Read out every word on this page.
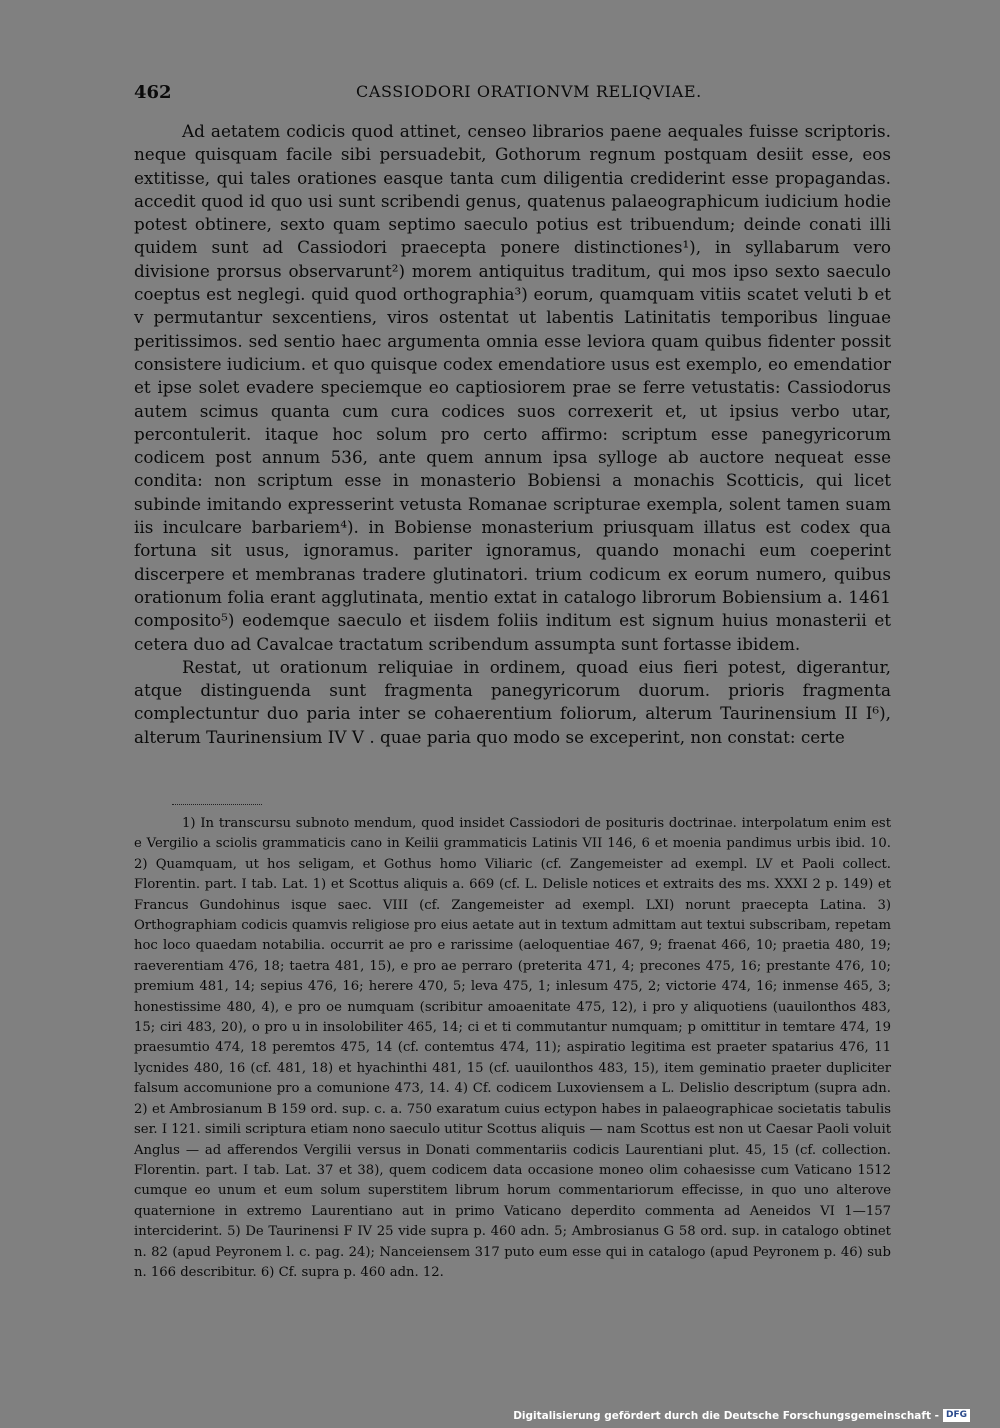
462	CASSIODORI ORATIONVM RELIQVIAE.

Ad aetatem codicis quod attinet, censeo librarios paene aequales fuisse scriptoris. neque quisquam facile sibi persuadebit, Gothorum regnum postquam desiit esse, eos extitisse, qui tales orationes easque tanta cum diligentia crediderint esse propagandas. accedit quod id quo usi sunt scribendi genus, quatenus palaeographicum iudicium hodie potest obtinere, sexto quam septimo saeculo potius est tribuendum; deinde conati illi quidem sunt ad Cassiodori praecepta ponere distinctiones¹), in syllabarum vero divisione prorsus observarunt²) morem antiquitus traditum, qui mos ipso sexto saeculo coeptus est neglegi. quid quod orthographia³) eorum, quamquam vitiis scatet veluti b et v permutantur sexcentiens, viros ostentat ut labentis Latinitatis temporibus linguae peritissimos. sed sentio haec argumenta omnia esse leviora quam quibus fidenter possit consistere iudicium. et quo quisque codex emendatiore usus est exemplo, eo emendatior et ipse solet evadere speciemque eo captiosiorem prae se ferre vetustatis: Cassiodorus autem scimus quanta cum cura codices suos correxerit et, ut ipsius verbo utar, percontulerit. itaque hoc solum pro certo affirmo: scriptum esse panegyricorum codicem post annum 536, ante quem annum ipsa sylloge ab auctore nequeat esse condita: non scriptum esse in monasterio Bobiensi a monachis Scotticis, qui licet subinde imitando expresserint vetusta Romanae scripturae exempla, solent tamen suam iis inculcare barbariem⁴). in Bobiense monasterium priusquam illatus est codex qua fortuna sit usus, ignoramus. pariter ignoramus, quando monachi eum coeperint discerpere et membranas tradere glutinatori. trium codicum ex eorum numero, quibus orationum folia erant agglutinata, mentio extat in catalogo librorum Bobiensium a. 1461 composito⁵) eodemque saeculo et iisdem foliis inditum est signum huius monasterii et cetera duo ad Cavalcae tractatum scribendum assumpta sunt fortasse ibidem.

Restat, ut orationum reliquiae in ordinem, quoad eius fieri potest, digerantur, atque distinguenda sunt fragmenta panegyricorum duorum. prioris fragmenta complectuntur duo paria inter se cohaerentium foliorum, alterum Taurinensium II I⁶), alterum Taurinensium IV V . quae paria quo modo se exceperint, non constat: certe

1) In transcursu subnoto mendum, quod insidet Cassiodori de posituris doctrinae. interpolatum enim est e Vergilio a sciolis grammaticis cano in Keilii grammaticis Latinis VII 146, 6 et moenia pandimus urbis ibid. 10. 2) Quamquam, ut hos seligam, et Gothus homo Viliaric (cf. Zangemeister ad exempl. LV et Paoli collect. Florentin. part. I tab. Lat. 1) et Scottus aliquis a. 669 (cf. L. Delisle notices et extraits des ms. XXXI 2 p. 149) et Francus Gundohinus isque saec. VIII (cf. Zangemeister ad exempl. LXI) norunt praecepta Latina. 3) Orthographiam codicis quamvis religiose pro eius aetate aut in textum admittam aut textui subscribam, repetam hoc loco quaedam notabilia. occurrit ae pro e rarissime (aeloquentiae 467, 9; fraenat 466, 10; praetia 480, 19; raeverentiam 476, 18; taetra 481, 15), e pro ae perraro (preterita 471, 4; precones 475, 16; prestante 476, 10; premium 481, 14; sepius 476, 16; herere 470, 5; leva 475, 1; inlesum 475, 2; victorie 474, 16; inmense 465, 3; honestissime 480, 4), e pro oe numquam (scribitur amoaenitate 475, 12), i pro y aliquotiens (uauilonthos 483, 15; ciri 483, 20), o pro u in insolobiliter 465, 14; ci et ti commutantur numquam; p omittitur in temtare 474, 19 praesumtio 474, 18 peremtos 475, 14 (cf. contemtus 474, 11); aspiratio legitima est praeter spatarius 476, 11 lycnides 480, 16 (cf. 481, 18) et hyachinthi 481, 15 (cf. uauilonthos 483, 15), item geminatio praeter dupliciter falsum accomunione pro a comunione 473, 14. 4) Cf. codicem Luxoviensem a L. Delislio descriptum (supra adn. 2) et Ambrosianum B 159 ord. sup. c. a. 750 exaratum cuius ectypon habes in palaeographicae societatis tabulis ser. I 121. simili scriptura etiam nono saeculo utitur Scottus aliquis — nam Scottus est non ut Caesar Paoli voluit Anglus — ad afferendos Vergilii versus in Donati commentariis codicis Laurentiani plut. 45, 15 (cf. collection. Florentin. part. I tab. Lat. 37 et 38), quem codicem data occasione moneo olim cohaesisse cum Vaticano 1512 cumque eo unum et eum solum superstitem librum horum commentariorum effecisse, in quo uno alterove quaternione in extremo Laurentiano aut in primo Vaticano deperdito commenta ad Aeneidos VI 1—157 interciderint. 5) De Taurinensi F IV 25 vide supra p. 460 adn. 5; Ambrosianus G 58 ord. sup. in catalogo obtinet n. 82 (apud Peyronem l. c. pag. 24); Nanceiensem 317 puto eum esse qui in catalogo (apud Peyronem p. 46) sub n. 166 describitur. 6) Cf. supra p. 460 adn. 12.

Digitalisierung gefördert durch die Deutsche Forschungsgemeinschaft - DFG
